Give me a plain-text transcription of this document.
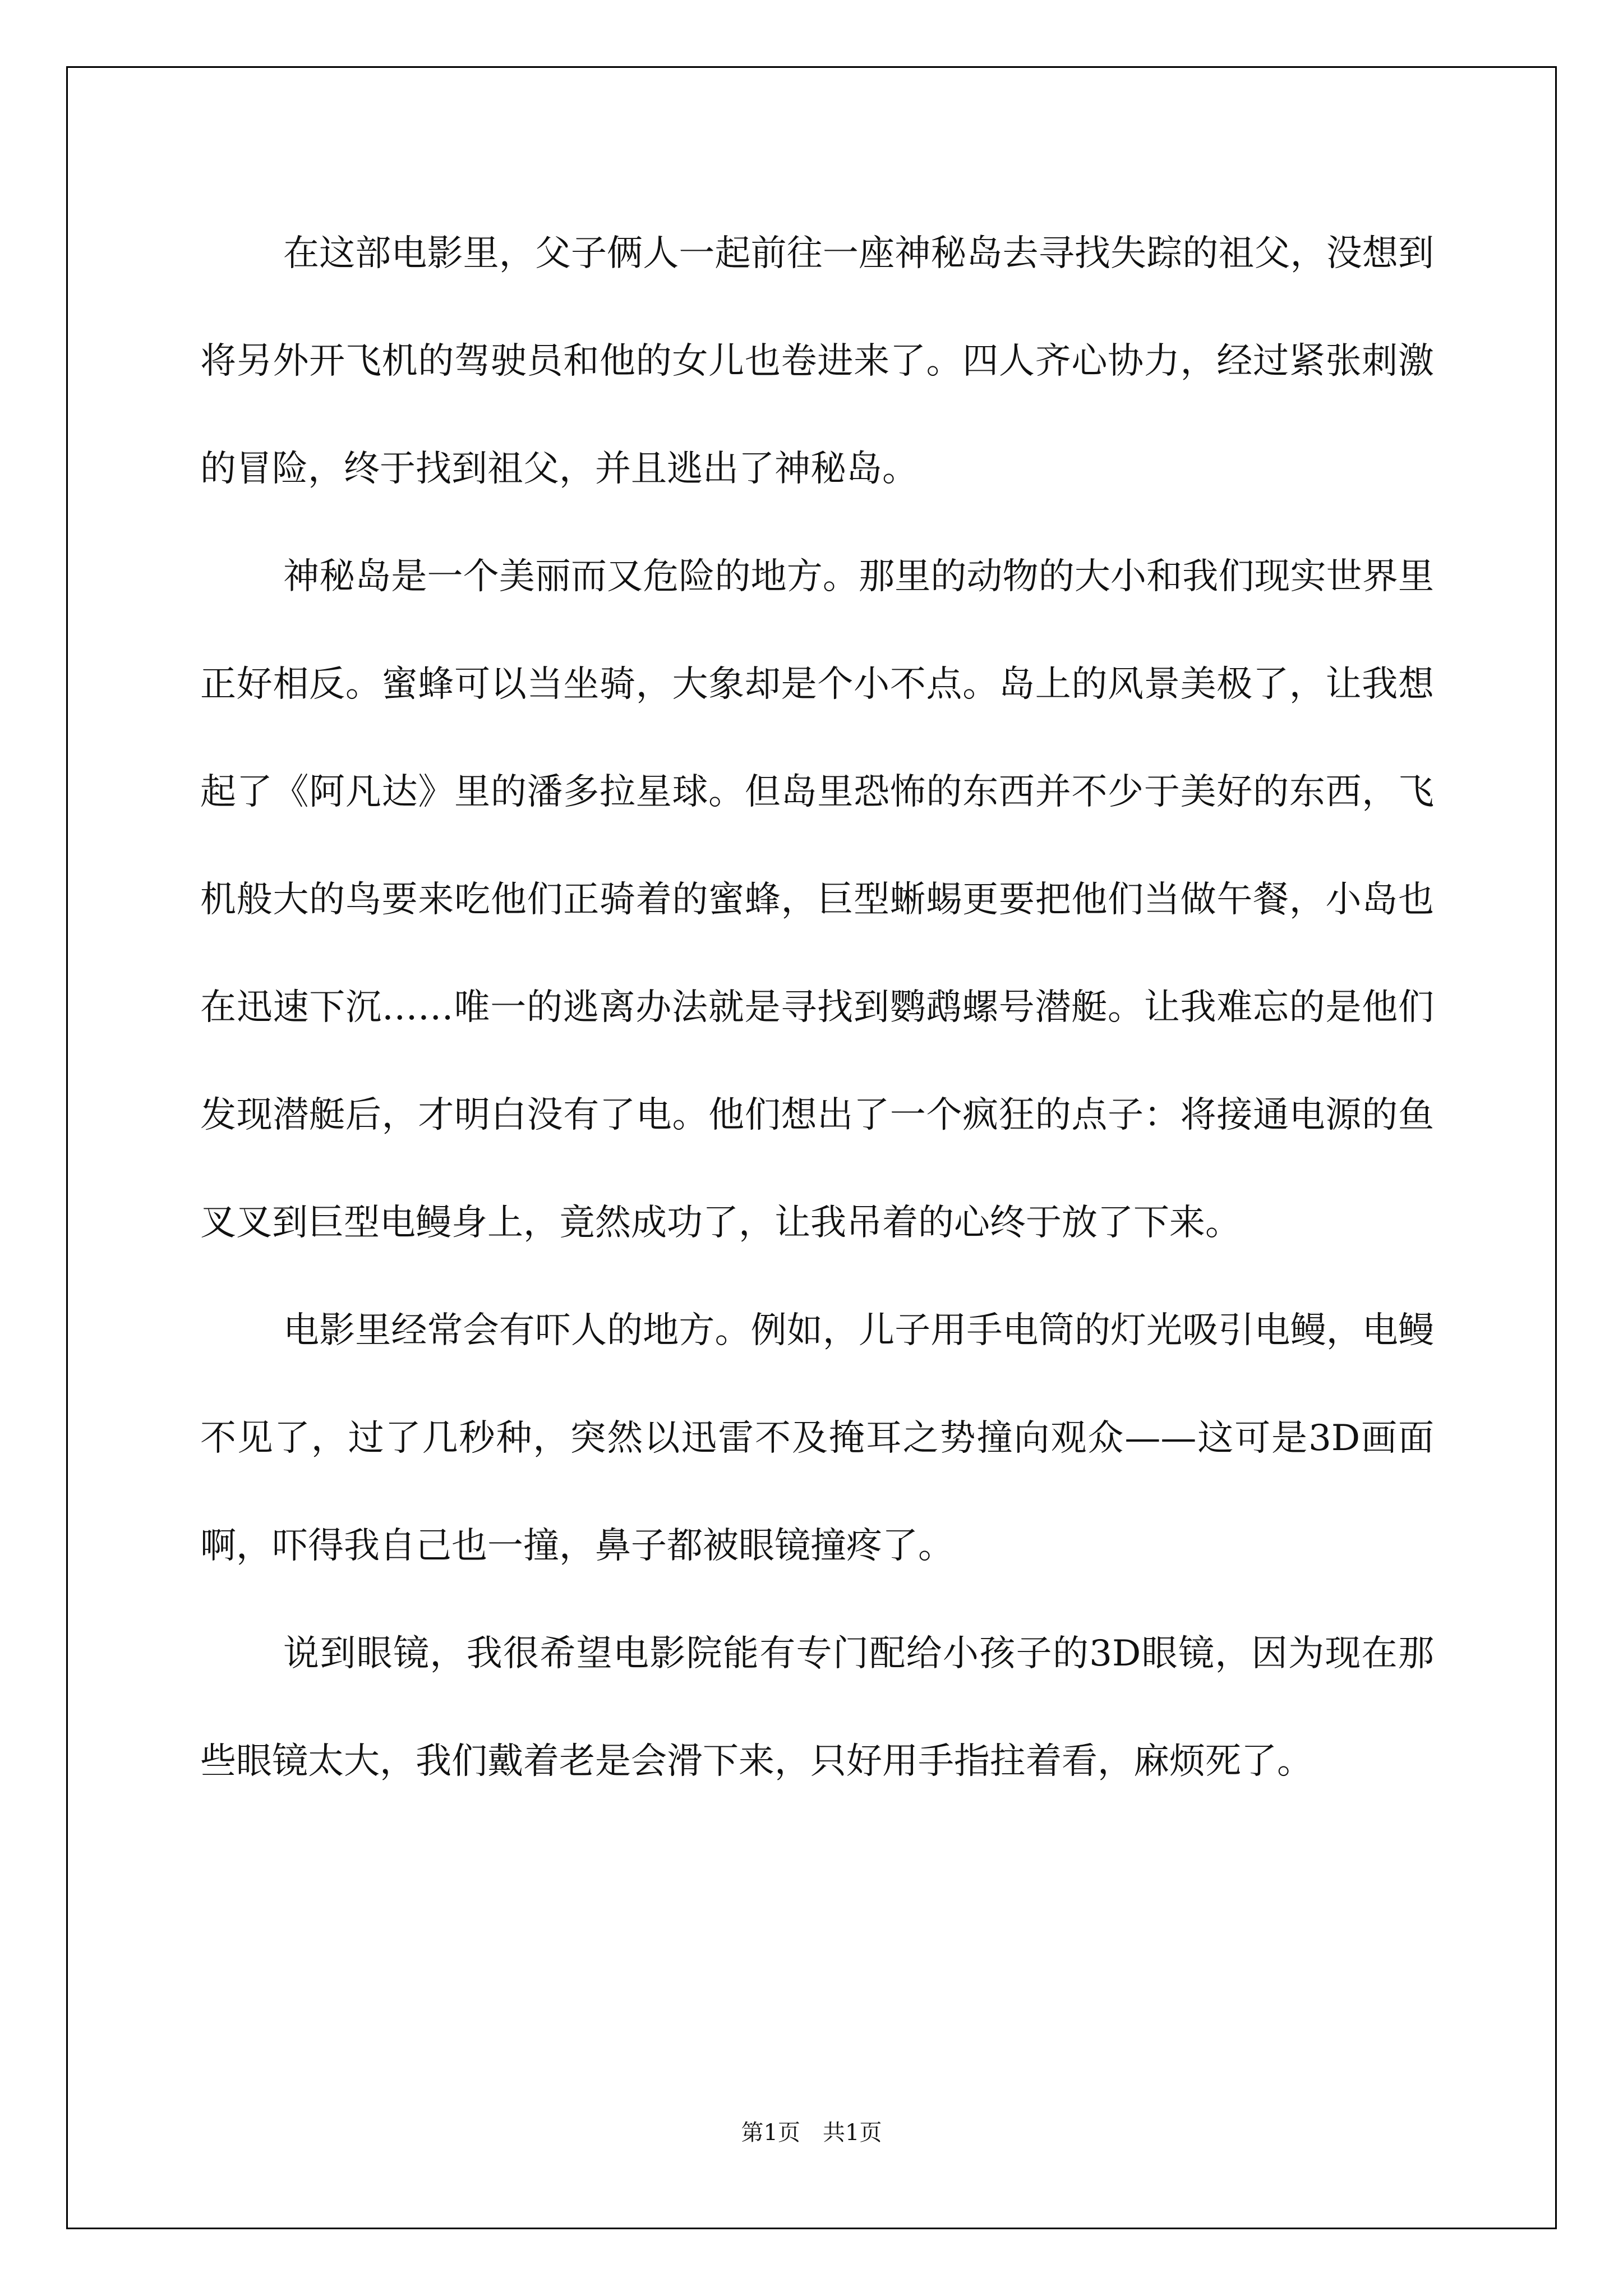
在这部电影里，父子俩人一起前往一座神秘岛去寻找失踪的祖父，没想到将另外开飞机的驾驶员和他的女儿也卷进来了。四人齐心协力，经过紧张刺激的冒险，终于找到祖父，并且逃出了神秘岛。

神秘岛是一个美丽而又危险的地方。那里的动物的大小和我们现实世界里正好相反。蜜蜂可以当坐骑，大象却是个小不点。岛上的风景美极了，让我想起了《阿凡达》里的潘多拉星球。但岛里恐怖的东西并不少于美好的东西，飞机般大的鸟要来吃他们正骑着的蜜蜂，巨型蜥蜴更要把他们当做午餐，小岛也在迅速下沉……唯一的逃离办法就是寻找到鹦鹉螺号潜艇。让我难忘的是他们发现潜艇后，才明白没有了电。他们想出了一个疯狂的点子：将接通电源的鱼叉叉到巨型电鳗身上，竟然成功了，让我吊着的心终于放了下来。

电影里经常会有吓人的地方。例如，儿子用手电筒的灯光吸引电鳗，电鳗不见了，过了几秒种，突然以迅雷不及掩耳之势撞向观众——这可是3D画面啊，吓得我自己也一撞，鼻子都被眼镜撞疼了。

说到眼镜，我很希望电影院能有专门配给小孩子的3D眼镜，因为现在那些眼镜太大，我们戴着老是会滑下来，只好用手指拄着看，麻烦死了。

第1页　共1页
